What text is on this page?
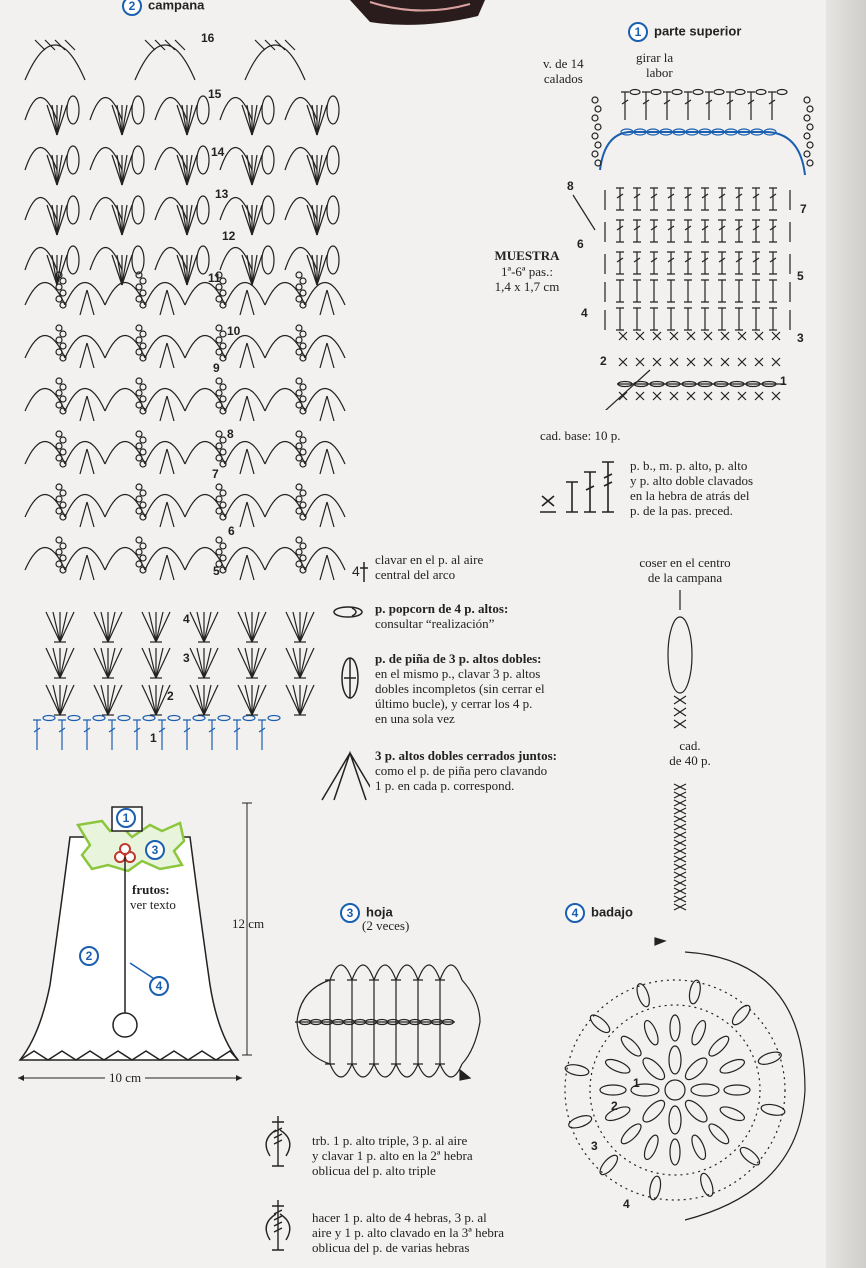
2 campana
1
2
3
4
5
6
7
8
9
10
11
12
13
14
15
16	1 parte superior
v. de 14
calados
girar la
labor
1
2
3
4
5
6
7
8
MUESTRA
1ª-6ª pas.:
1,4 x 1,7 cm
cad. base: 10 p.
p. b., m. p. alto, p. alto
y p. alto doble clavados
en la hebra de atrás del
p. de la pas. preced.
4
clavar en el p. al aire
central del arco
p. popcorn de 4 p. altos:
consultar “realización”
p. de piña de 3 p. altos dobles:
en el mismo p., clavar 3 p. altos
dobles incompletos (sin cerrar el
último bucle), y cerrar los 4 p.
en una sola vez
3 p. altos dobles cerrados juntos:
como el p. de piña pero clavando
1 p. en cada p. correspond.
coser en el centro
de la campana
cad.
de 40 p.
1
2
3
4
frutos:
ver texto
12 cm
10 cm
3 hoja
(2 veces)
trb. 1 p. alto triple, 3 p. al aire
y clavar 1 p. alto en la 2ª hebra
oblicua del p. alto triple
hacer 1 p. alto de 4 hebras, 3 p. al
aire y 1 p. alto clavado en la 3ª hebra
oblicua del p. de varias hebras
4 badajo
1
2
3
4
